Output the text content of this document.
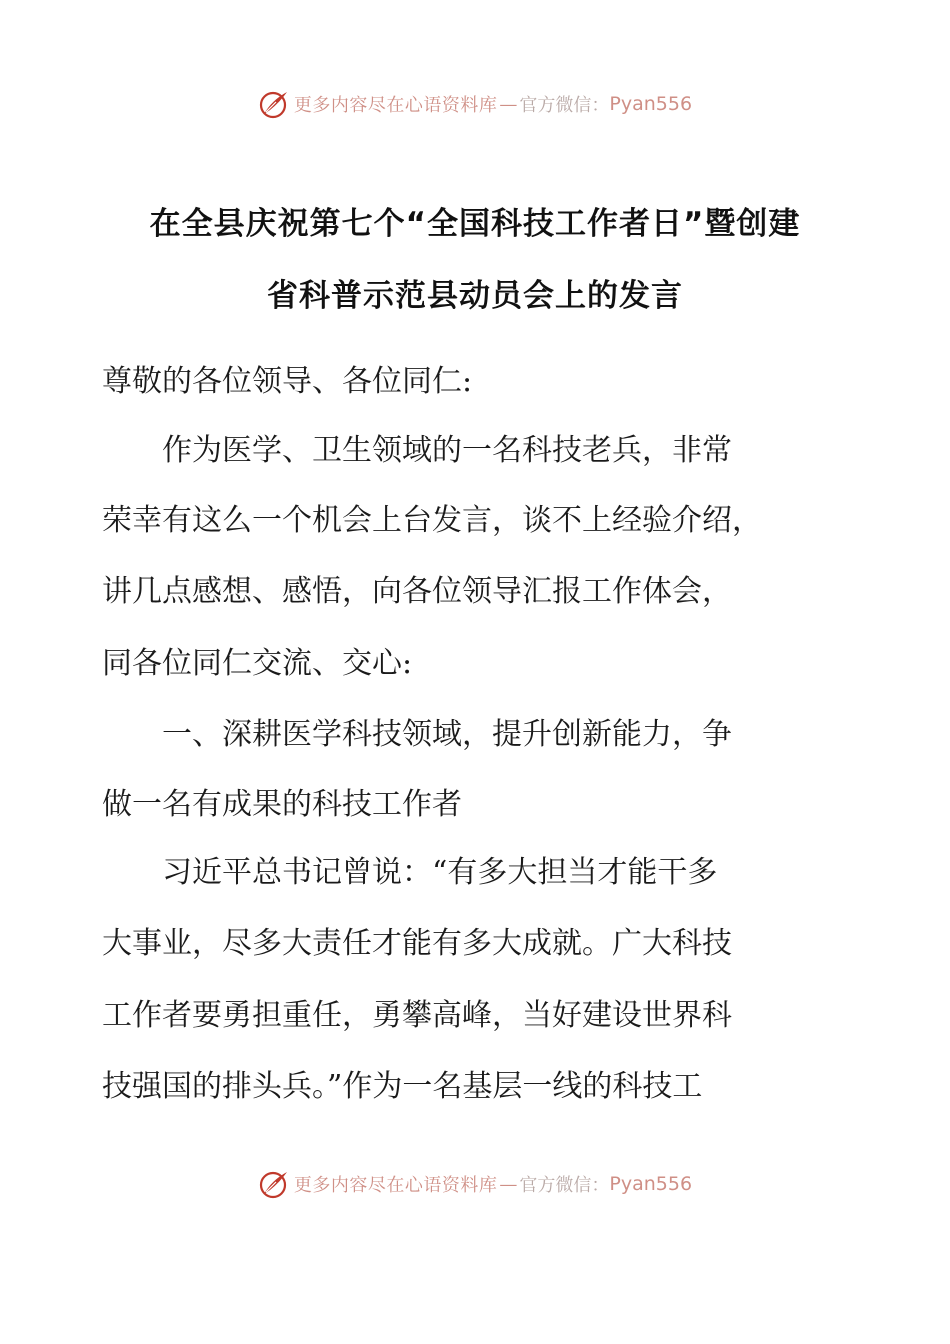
更多内容尽在心语资料库 — 官方微信： Pyan556
在全县庆祝第七个“全国科技工作者日”暨创建
省科普示范县动员会上的发言
尊敬的各位领导、各位同仁:
　　作为医学、卫生领域的一名科技老兵，非常
荣幸有这么一个机会上台发言，谈不上经验介绍，
讲几点感想、感悟，向各位领导汇报工作体会，
同各位同仁交流、交心:
　　一、深耕医学科技领域，提升创新能力，争
做一名有成果的科技工作者
　　习近平总书记曾说：“有多大担当才能干多
大事业，尽多大责任才能有多大成就。广大科技
工作者要勇担重任，勇攀高峰，当好建设世界科
技强国的排头兵。”作为一名基层一线的科技工
更多内容尽在心语资料库 — 官方微信： Pyan556
